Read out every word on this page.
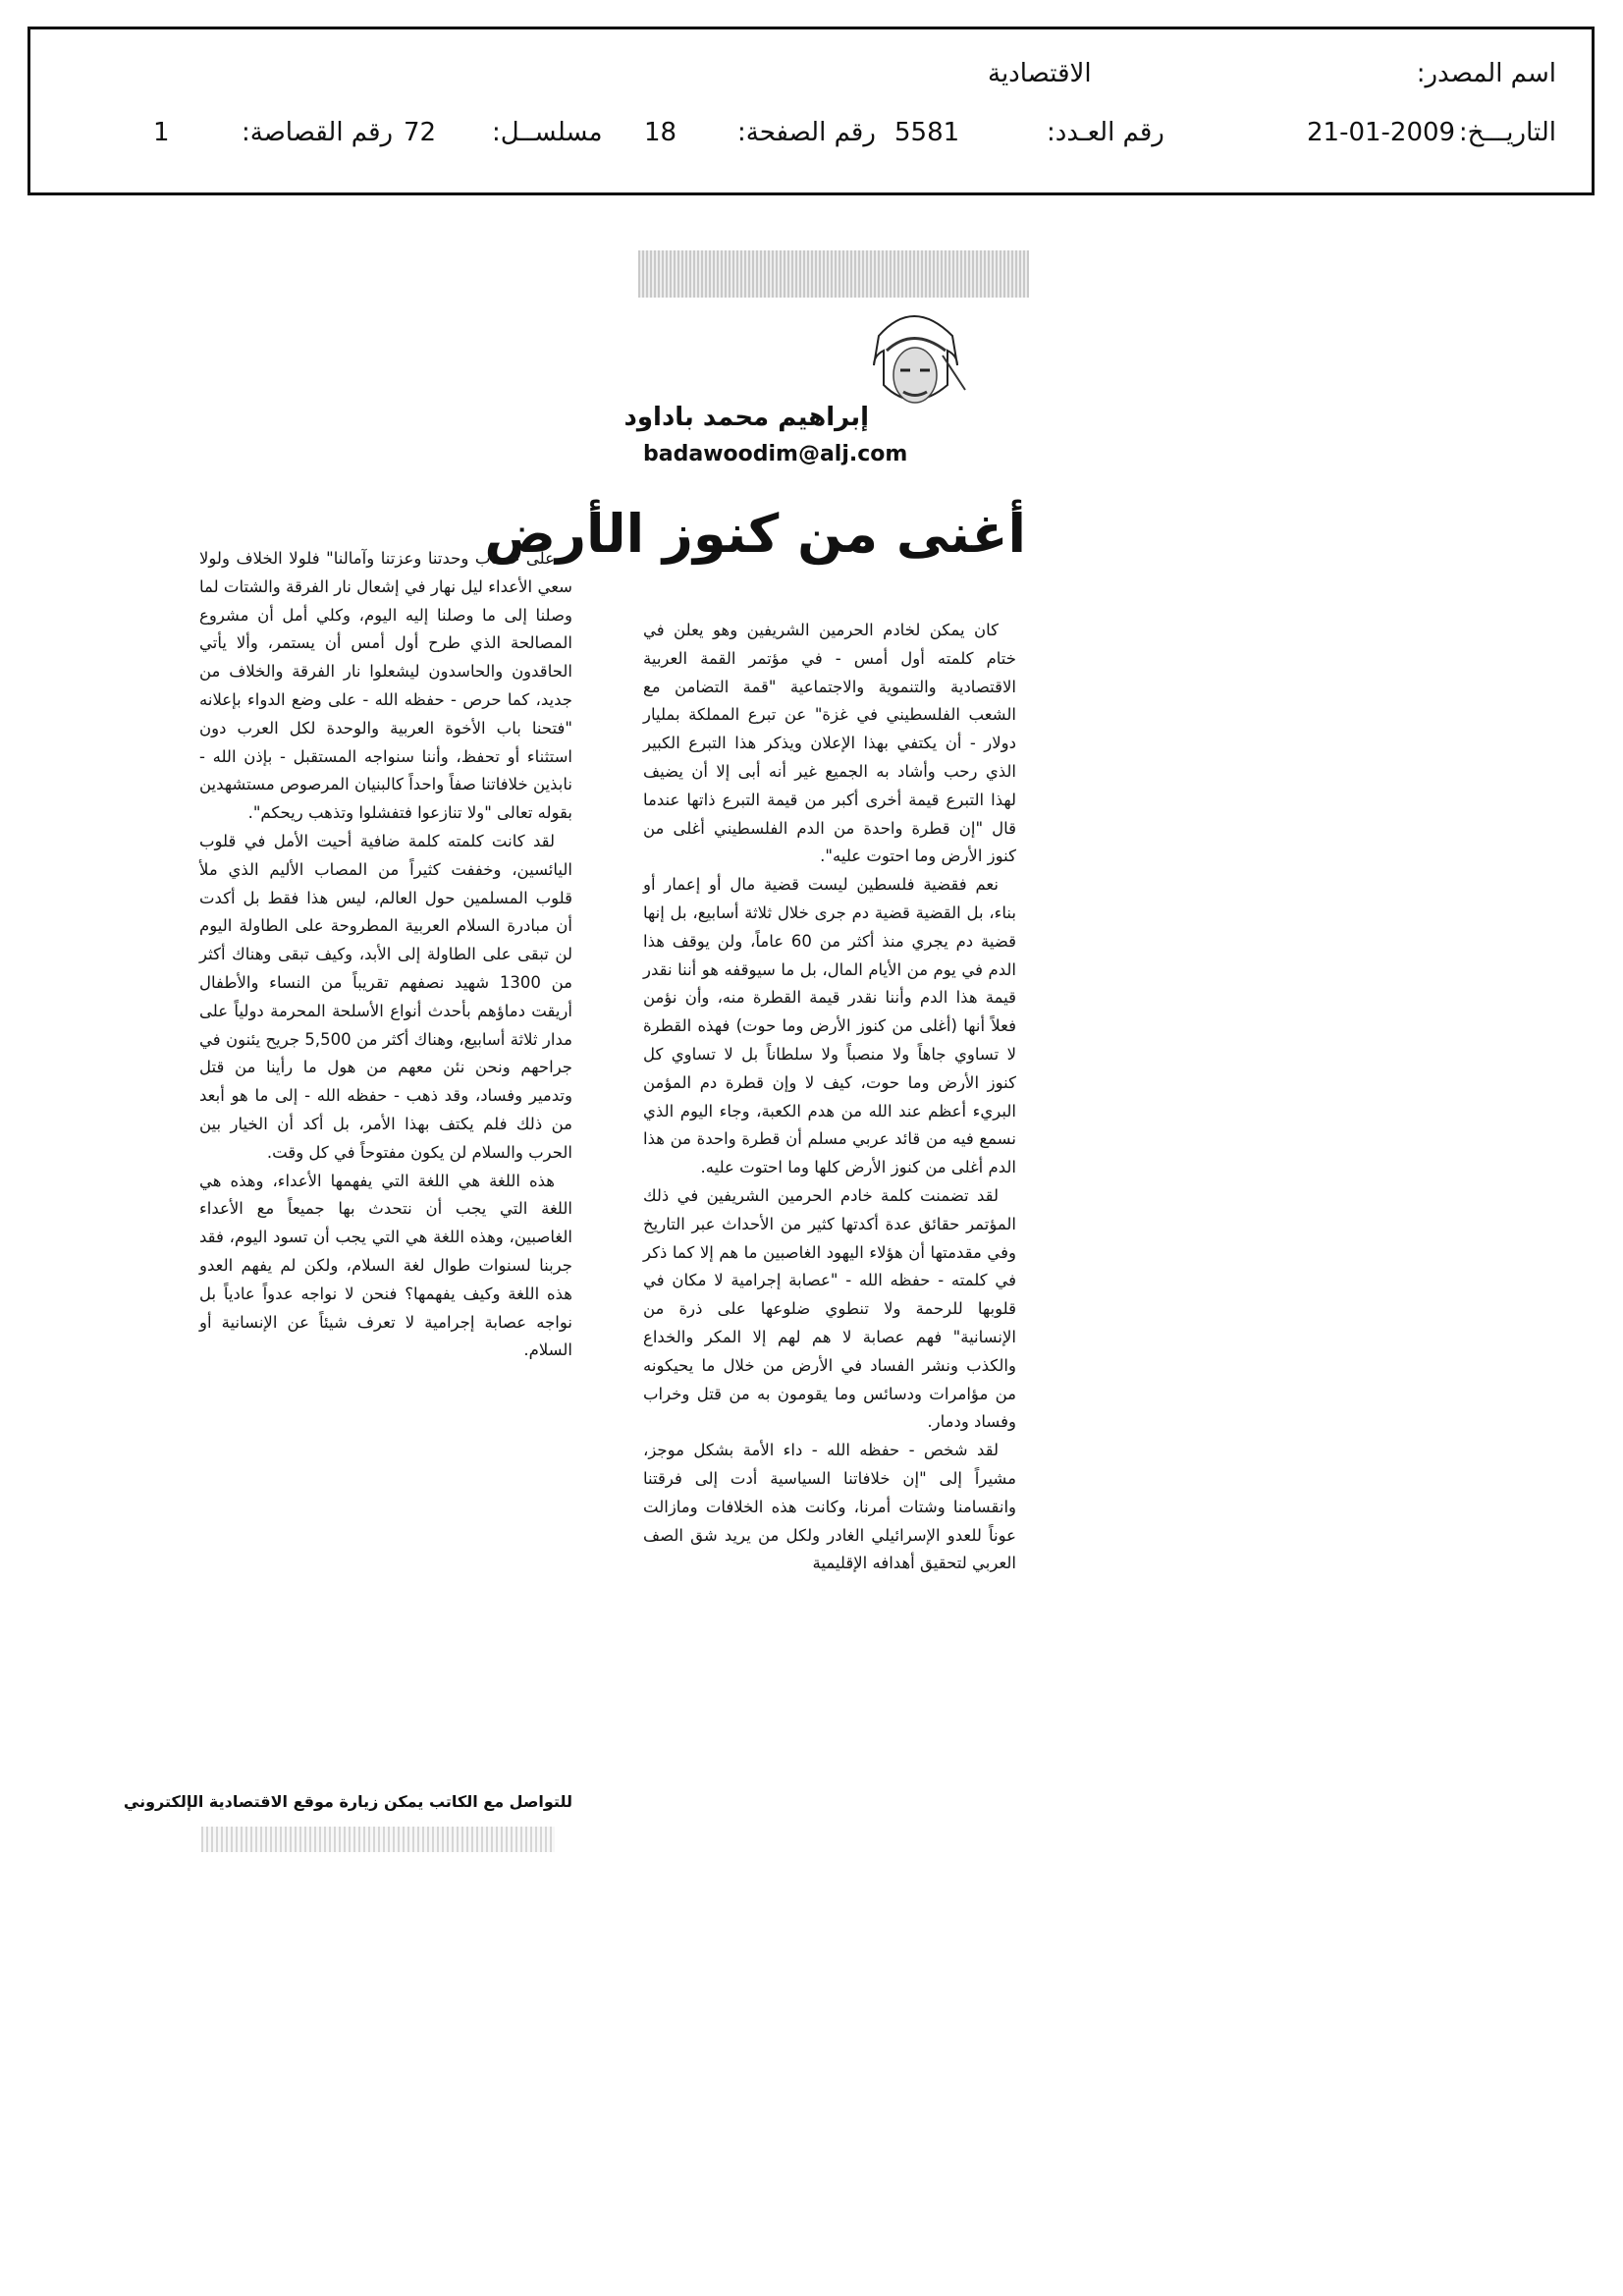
اسم المصدر:
الاقتصادية
التاريـــخ:
21-01-2009
رقم العـدد:
5581
رقم الصفحة:
18
مسلســل:
72
رقم القصاصة:
1
إبراهيم محمد باداود
badawoodim@alj.com
أغنى من كنوز الأرض

كان يمكن لخادم الحرمين الشريفين وهو يعلن في ختام كلمته أول أمس - في مؤتمر القمة العربية الاقتصادية والتنموية والاجتماعية "قمة التضامن مع الشعب الفلسطيني في غزة" عن تبرع المملكة بمليار دولار - أن يكتفي بهذا الإعلان ويذكر هذا التبرع الكبير الذي رحب وأشاد به الجميع غير أنه أبى إلا أن يضيف لهذا التبرع قيمة أخرى أكبر من قيمة التبرع ذاتها عندما قال "إن قطرة واحدة من الدم الفلسطيني أغلى من كنوز الأرض وما احتوت عليه".

نعم فقضية فلسطين ليست قضية مال أو إعمار أو بناء، بل القضية قضية دم جرى خلال ثلاثة أسابيع، بل إنها قضية دم يجري منذ أكثر من 60 عاماً، ولن يوقف هذا الدم في يوم من الأيام المال، بل ما سيوقفه هو أننا نقدر قيمة هذا الدم وأننا نقدر قيمة القطرة منه، وأن نؤمن فعلاً أنها (أغلى من كنوز الأرض وما حوت) فهذه القطرة لا تساوي جاهاً ولا منصباً ولا سلطاناً بل لا تساوي كل كنوز الأرض وما حوت، كيف لا وإن قطرة دم المؤمن البريء أعظم عند الله من هدم الكعبة، وجاء اليوم الذي نسمع فيه من قائد عربي مسلم أن قطرة واحدة من هذا الدم أغلى من كنوز الأرض كلها وما احتوت عليه.

لقد تضمنت كلمة خادم الحرمين الشريفين في ذلك المؤتمر حقائق عدة أكدتها كثير من الأحداث عبر التاريخ وفي مقدمتها أن هؤلاء اليهود الغاصبين ما هم إلا كما ذكر في كلمته - حفظه الله - "عصابة إجرامية لا مكان في قلوبها للرحمة ولا تنطوي ضلوعها على ذرة من الإنسانية" فهم عصابة لا هم لهم إلا المكر والخداع والكذب ونشر الفساد في الأرض من خلال ما يحيكونه من مؤامرات ودسائس وما يقومون به من قتل وخراب وفساد ودمار.

لقد شخص - حفظه الله - داء الأمة بشكل موجز، مشيراً إلى "إن خلافاتنا السياسية أدت إلى فرقتنا وانقسامنا وشتات أمرنا، وكانت هذه الخلافات ومازالت عوناً للعدو الإسرائيلي الغادر ولكل من يريد شق الصف العربي لتحقيق أهدافه الإقليمية

على حساب وحدتنا وعزتنا وآمالنا" فلولا الخلاف ولولا سعي الأعداء ليل نهار في إشعال نار الفرقة والشتات لما وصلنا إلى ما وصلنا إليه اليوم، وكلي أمل أن مشروع المصالحة الذي طرح أول أمس أن يستمر، وألا يأتي الحاقدون والحاسدون ليشعلوا نار الفرقة والخلاف من جديد، كما حرص - حفظه الله - على وضع الدواء بإعلانه "فتحنا باب الأخوة العربية والوحدة لكل العرب دون استثناء أو تحفظ، وأننا سنواجه المستقبل - بإذن الله - نابذين خلافاتنا صفاً واحداً كالبنيان المرصوص مستشهدين بقوله تعالى "ولا تنازعوا فتفشلوا وتذهب ريحكم".

لقد كانت كلمته كلمة ضافية أحيت الأمل في قلوب اليائسين، وخففت كثيراً من المصاب الأليم الذي ملأ قلوب المسلمين حول العالم، ليس هذا فقط بل أكدت أن مبادرة السلام العربية المطروحة على الطاولة اليوم لن تبقى على الطاولة إلى الأبد، وكيف تبقى وهناك أكثر من 1300 شهيد نصفهم تقريباً من النساء والأطفال أريقت دماؤهم بأحدث أنواع الأسلحة المحرمة دولياً على مدار ثلاثة أسابيع، وهناك أكثر من 5,500 جريح يئنون في جراحهم ونحن نئن معهم من هول ما رأينا من قتل وتدمير وفساد، وقد ذهب - حفظه الله - إلى ما هو أبعد من ذلك فلم يكتف بهذا الأمر، بل أكد أن الخيار بين الحرب والسلام لن يكون مفتوحاً في كل وقت.

هذه اللغة هي اللغة التي يفهمها الأعداء، وهذه هي اللغة التي يجب أن نتحدث بها جميعاً مع الأعداء الغاصبين، وهذه اللغة هي التي يجب أن تسود اليوم، فقد جربنا لسنوات طوال لغة السلام، ولكن لم يفهم العدو هذه اللغة وكيف يفهمها؟ فنحن لا نواجه عدواً عادياً بل نواجه عصابة إجرامية لا تعرف شيئاً عن الإنسانية أو السلام.

للتواصل مع الكاتب يمكن زيارة موقع الاقتصادية الإلكتروني
